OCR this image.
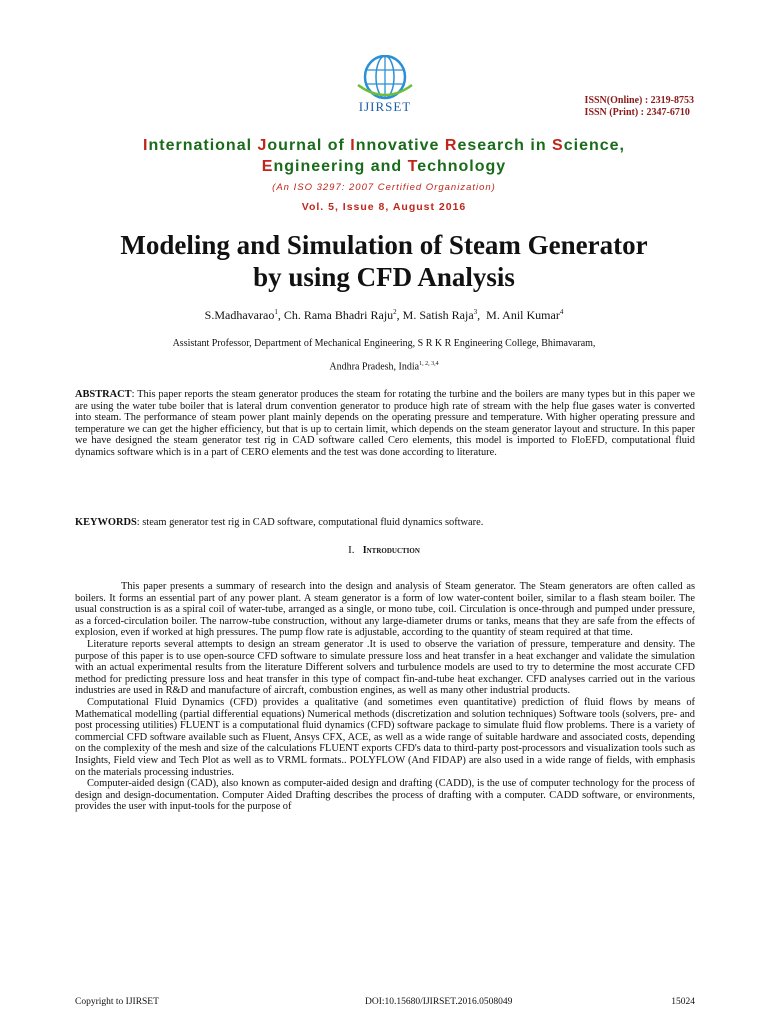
IJIRSET	ISSN(Online) : 2319-8753
ISSN (Print) : 2347-6710
International Journal of Innovative Research in Science,
Engineering and Technology
(An ISO 3297: 2007 Certified Organization)
Vol. 5, Issue 8, August 2016
Modeling and Simulation of Steam Generator
by using CFD Analysis
S.Madhavarao$^1$, Ch. Rama Bhadri Raju$^2$, M. Satish Raja$^3$,  M. Anil Kumar$^4$
Assistant Professor, Department of Mechanical Engineering, S R K R Engineering College, Bhimavaram,
Andhra Pradesh, India$^{1, 2, 3,4}$
ABSTRACT: This paper reports the steam generator produces the steam for rotating the turbine and the boilers are many types but in this paper we are using the water tube boiler that is lateral drum convention generator to produce high rate of stream with the help flue gases water is converted into steam. The performance of steam power plant mainly depends on the operating pressure and temperature. With higher operating pressure and temperature we can get the higher efficiency, but that is up to certain limit, which depends on the steam generator layout and structure. In this paper we have designed the steam generator test rig in CAD software called Cero elements, this model is imported to FloEFD, computational fluid dynamics software which is in a part of CERO elements and the test was done according to literature.
KEYWORDS: steam generator test rig in CAD software, computational fluid dynamics software.
I. Introduction

This paper presents a summary of research into the design and analysis of Steam generator. The Steam generators are often called as boilers. It forms an essential part of any power plant. A steam generator is a form of low water-content boiler, similar to a flash steam boiler. The usual construction is as a spiral coil of water-tube, arranged as a single, or mono tube, coil. Circulation is once-through and pumped under pressure, as a forced-circulation boiler. The narrow-tube construction, without any large-diameter drums or tanks, means that they are safe from the effects of explosion, even if worked at high pressures. The pump flow rate is adjustable, according to the quantity of steam required at that time.

Literature reports several attempts to design an stream generator .It is used to observe the variation of pressure, temperature and density. The purpose of this paper is to use open-source CFD software to simulate pressure loss and heat transfer in a heat exchanger and validate the simulation with an actual experimental results from the literature Different solvers and turbulence models are used to try to determine the most accurate CFD method for predicting pressure loss and heat transfer in this type of compact fin-and-tube heat exchanger. CFD analyses carried out in the various industries are used in R&D and manufacture of aircraft, combustion engines, as well as many other industrial products.

Computational Fluid Dynamics (CFD) provides a qualitative (and sometimes even quantitative) prediction of fluid flows by means of Mathematical modelling (partial differential equations) Numerical methods (discretization and solution techniques) Software tools (solvers, pre- and post processing utilities) FLUENT is a computational fluid dynamics (CFD) software package to simulate fluid flow problems. There is a variety of commercial CFD software available such as Fluent, Ansys CFX, ACE, as well as a wide range of suitable hardware and associated costs, depending on the complexity of the mesh and size of the calculations FLUENT exports CFD's data to third-party post-processors and visualization tools such as Insights, Field view and Tech Plot as well as to VRML formats.. POLYFLOW (And FIDAP) are also used in a wide range of fields, with emphasis on the materials processing industries.

Computer-aided design (CAD), also known as computer-aided design and drafting (CADD), is the use of computer technology for the process of design and design-documentation. Computer Aided Drafting describes the process of drafting with a computer. CADD software, or environments, provides the user with input-tools for the purpose of

Copyright to IJIRSET	DOI:10.15680/IJIRSET.2016.0508049	15024
